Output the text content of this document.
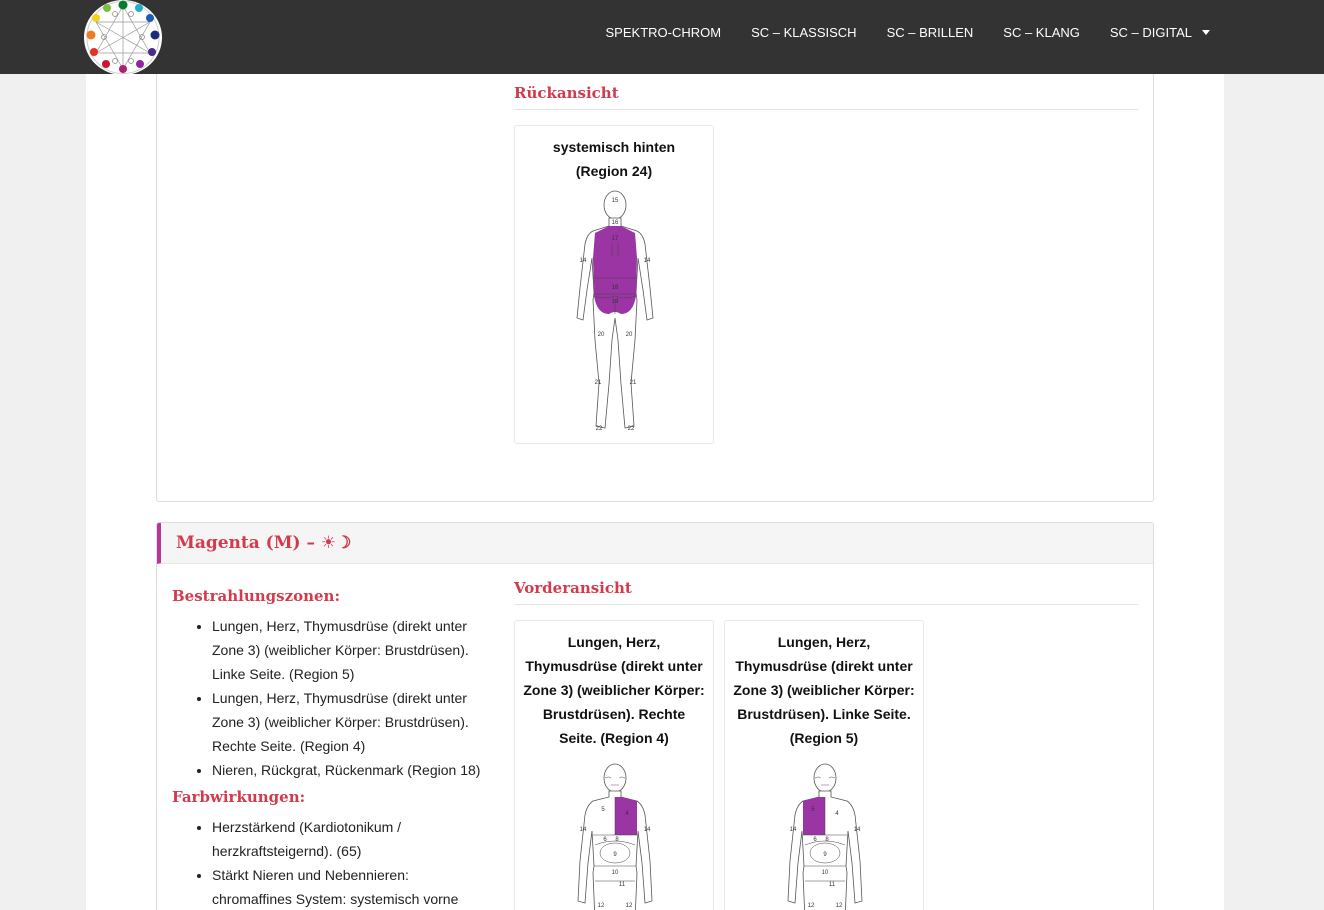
SPEKTRO-CHROM SC – KLASSISCH SC – BRILLEN SC – KLANG SC – DIGITAL
Rückansicht
systemisch hinten (Region 24)
15
16
17
14	14
18
19
20	20
21	21
22	22
Magenta (M) – ☀☽
Bestrahlungszonen:
• Lungen, Herz, Thymusdrüse (direkt unter Zone 3) (weiblicher Körper: Brustdrüsen). Linke Seite. (Region 5)
• Lungen, Herz, Thymusdrüse (direkt unter Zone 3) (weiblicher Körper: Brustdrüsen). Rechte Seite. (Region 4)
• Nieren, Rückgrat, Rückenmark (Region 18)
Farbwirkungen:
• Herzstärkend (Kardiotonikum / herzkraftsteigernd). (65)
• Stärkt Nieren und Nebennieren: chromaffines System: systemisch vorne
Vorderansicht
Lungen, Herz, Thymusdrüse (direkt unter Zone 3) (weiblicher Körper: Brustdrüsen). Rechte Seite. (Region 4)
5
4
14	14
6 8
9
10
11
12	12
Lungen, Herz, Thymusdrüse (direkt unter Zone 3) (weiblicher Körper: Brustdrüsen). Linke Seite. (Region 5)
5
4
14	14
6 8
9
10
11
12	12
